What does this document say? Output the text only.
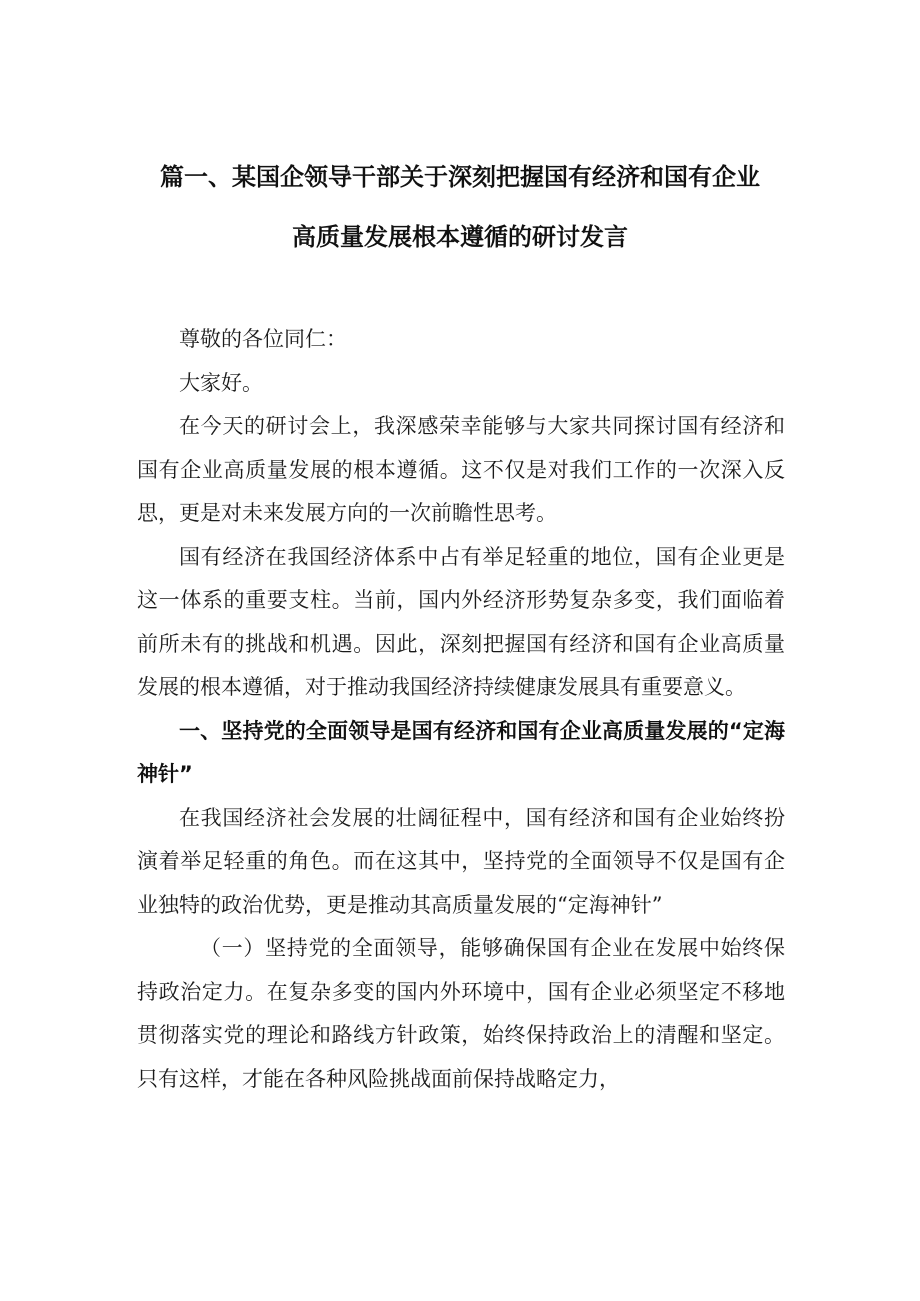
篇一、某国企领导干部关于深刻把握国有经济和国有企业
高质量发展根本遵循的研讨发言

尊敬的各位同仁：

大家好。

在今天的研讨会上，我深感荣幸能够与大家共同探讨国有经济和国有企业高质量发展的根本遵循。这不仅是对我们工作的一次深入反思，更是对未来发展方向的一次前瞻性思考。

国有经济在我国经济体系中占有举足轻重的地位，国有企业更是这一体系的重要支柱。当前，国内外经济形势复杂多变，我们面临着前所未有的挑战和机遇。因此，深刻把握国有经济和国有企业高质量发展的根本遵循，对于推动我国经济持续健康发展具有重要意义。

一、坚持党的全面领导是国有经济和国有企业高质量发展的“定海神针”

在我国经济社会发展的壮阔征程中，国有经济和国有企业始终扮演着举足轻重的角色。而在这其中，坚持党的全面领导不仅是国有企业独特的政治优势，更是推动其高质量发展的“定海神针”

（一）坚持党的全面领导，能够确保国有企业在发展中始终保持政治定力。在复杂多变的国内外环境中，国有企业必须坚定不移地贯彻落实党的理论和路线方针政策，始终保持政治上的清醒和坚定。只有这样，才能在各种风险挑战面前保持战略定力，
